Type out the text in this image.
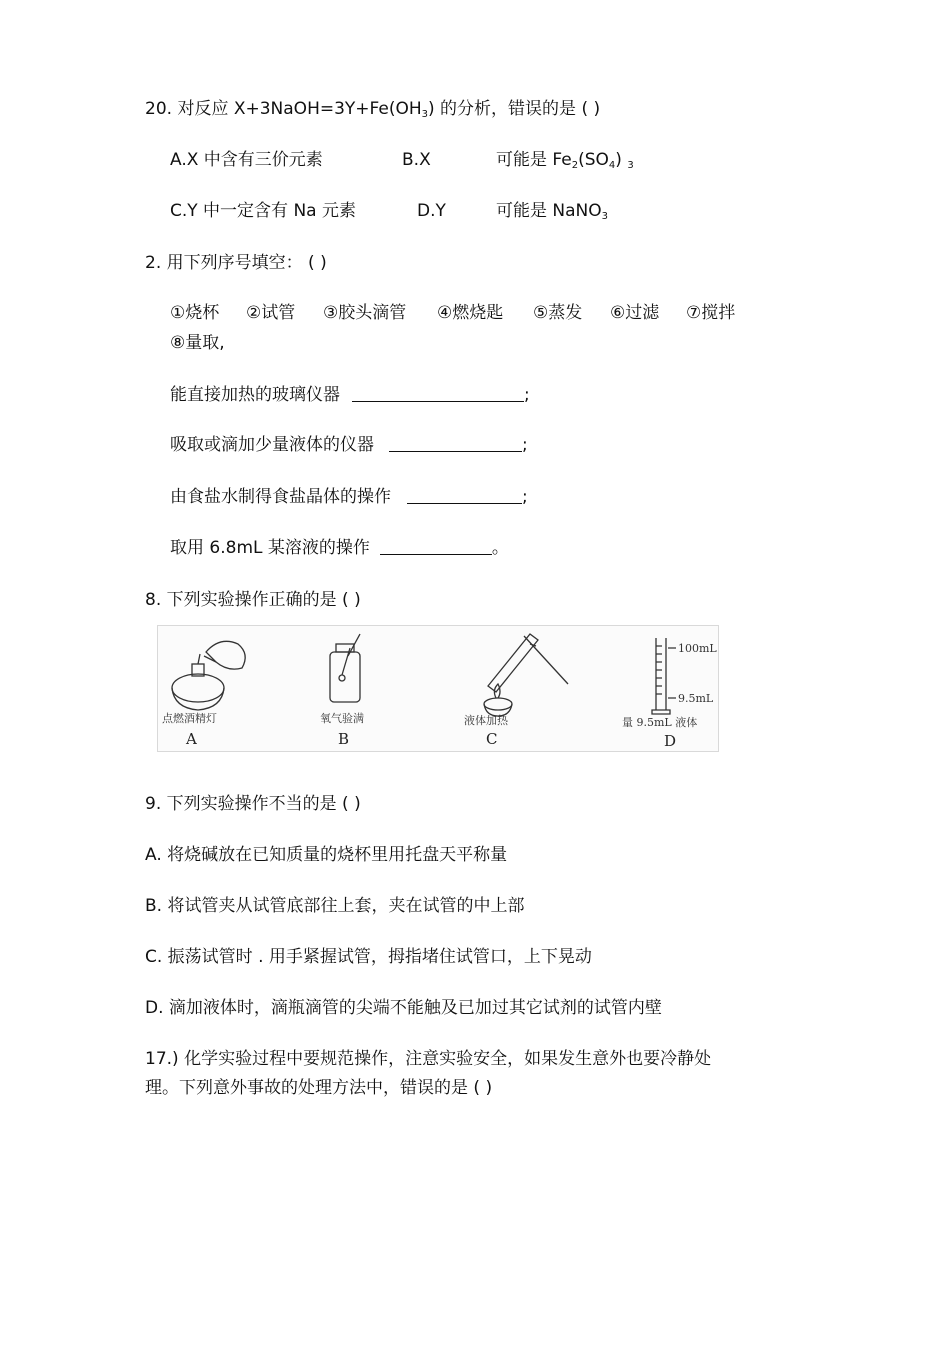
20. 对反应 $X+3NaOH=3Y+Fe(OH_3)$ 的分析，错误的是 ( )
A.X 中含有三价元素	B.X	可能是 $Fe_2(SO_4)$ $_3$
C.Y 中一定含有 Na 元素	D.Y	可能是 NaNO$_3$
2. 用下列序号填空： ( )
①烧杯 ②试管 ③胶头滴管 ④燃烧匙 ⑤蒸发 ⑥过滤 ⑦搅拌
⑧量取,
能直接加热的玻璃仪器	;
吸取或滴加少量液体的仪器	;
由食盐水制得食盐晶体的操作	;
取用 6.8mL 某溶液的操作	。
8. 下列实验操作正确的是 ( )
点燃酒精灯
A
氧气验满
B
液体加热
C
100mL
9.5mL
量 9.5mL 液体
D
9. 下列实验操作不当的是 ( )
A. 将烧碱放在已知质量的烧杯里用托盘天平称量
B. 将试管夹从试管底部往上套，夹在试管的中上部
C. 振荡试管时 . 用手紧握试管，拇指堵住试管口，上下晃动
D. 滴加液体时，滴瓶滴管的尖端不能触及已加过其它试剂的试管内壁
17.) 化学实验过程中要规范操作，注意实验安全，如果发生意外也要冷静处
理。下列意外事故的处理方法中，错误的是 ( )
